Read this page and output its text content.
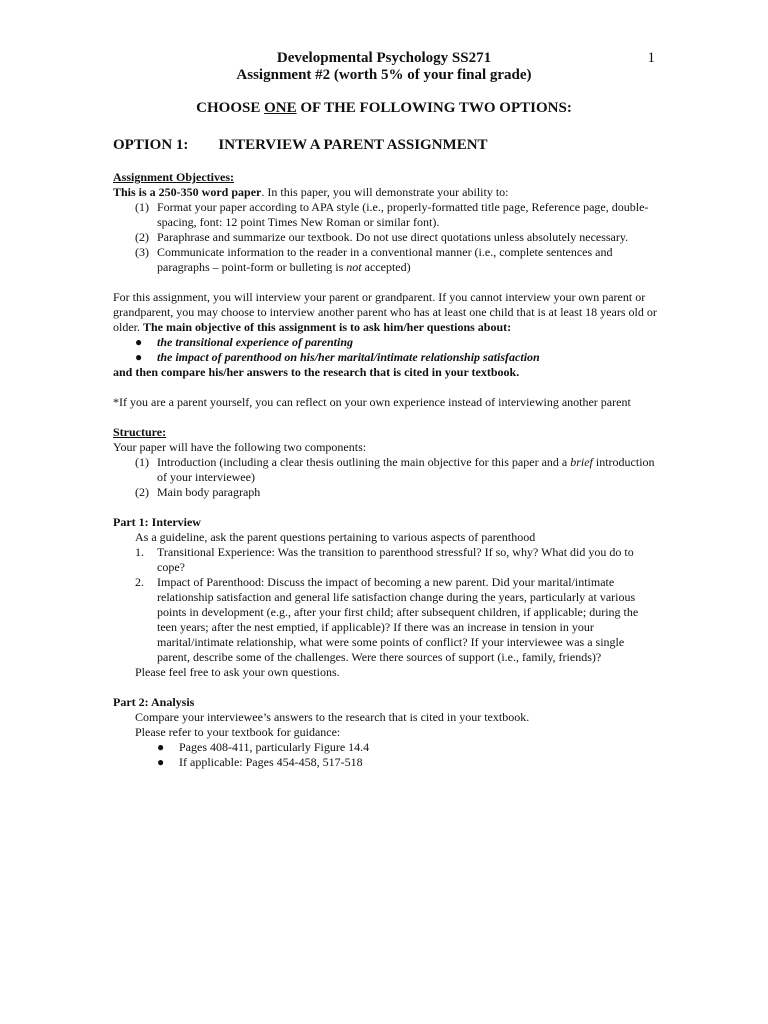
Developmental Psychology SS271
Assignment #2 (worth 5% of your final grade)
1
CHOOSE ONE OF THE FOLLOWING TWO OPTIONS:
OPTION 1: INTERVIEW A PARENT ASSIGNMENT
Assignment Objectives:
This is a 250-350 word paper. In this paper, you will demonstrate your ability to:
(1) Format your paper according to APA style (i.e., properly-formatted title page, Reference page, double-spacing, font: 12 point Times New Roman or similar font).
(2) Paraphrase and summarize our textbook. Do not use direct quotations unless absolutely necessary.
(3) Communicate information to the reader in a conventional manner (i.e., complete sentences and paragraphs – point-form or bulleting is not accepted)
For this assignment, you will interview your parent or grandparent. If you cannot interview your own parent or grandparent, you may choose to interview another parent who has at least one child that is at least 18 years old or older. The main objective of this assignment is to ask him/her questions about:
● the transitional experience of parenting
● the impact of parenthood on his/her marital/intimate relationship satisfaction
and then compare his/her answers to the research that is cited in your textbook.
*If you are a parent yourself, you can reflect on your own experience instead of interviewing another parent
Structure:
Your paper will have the following two components:
(1) Introduction (including a clear thesis outlining the main objective for this paper and a brief introduction of your interviewee)
(2) Main body paragraph
Part 1: Interview
As a guideline, ask the parent questions pertaining to various aspects of parenthood
1. Transitional Experience: Was the transition to parenthood stressful? If so, why? What did you do to cope?
2. Impact of Parenthood: Discuss the impact of becoming a new parent. Did your marital/intimate relationship satisfaction and general life satisfaction change during the years, particularly at various points in development (e.g., after your first child; after subsequent children, if applicable; during the teen years; after the nest emptied, if applicable)? If there was an increase in tension in your marital/intimate relationship, what were some points of conflict? If your interviewee was a single parent, describe some of the challenges. Were there sources of support (i.e., family, friends)?
Please feel free to ask your own questions.
Part 2: Analysis
Compare your interviewee’s answers to the research that is cited in your textbook.
Please refer to your textbook for guidance:
● Pages 408-411, particularly Figure 14.4
● If applicable: Pages 454-458, 517-518
